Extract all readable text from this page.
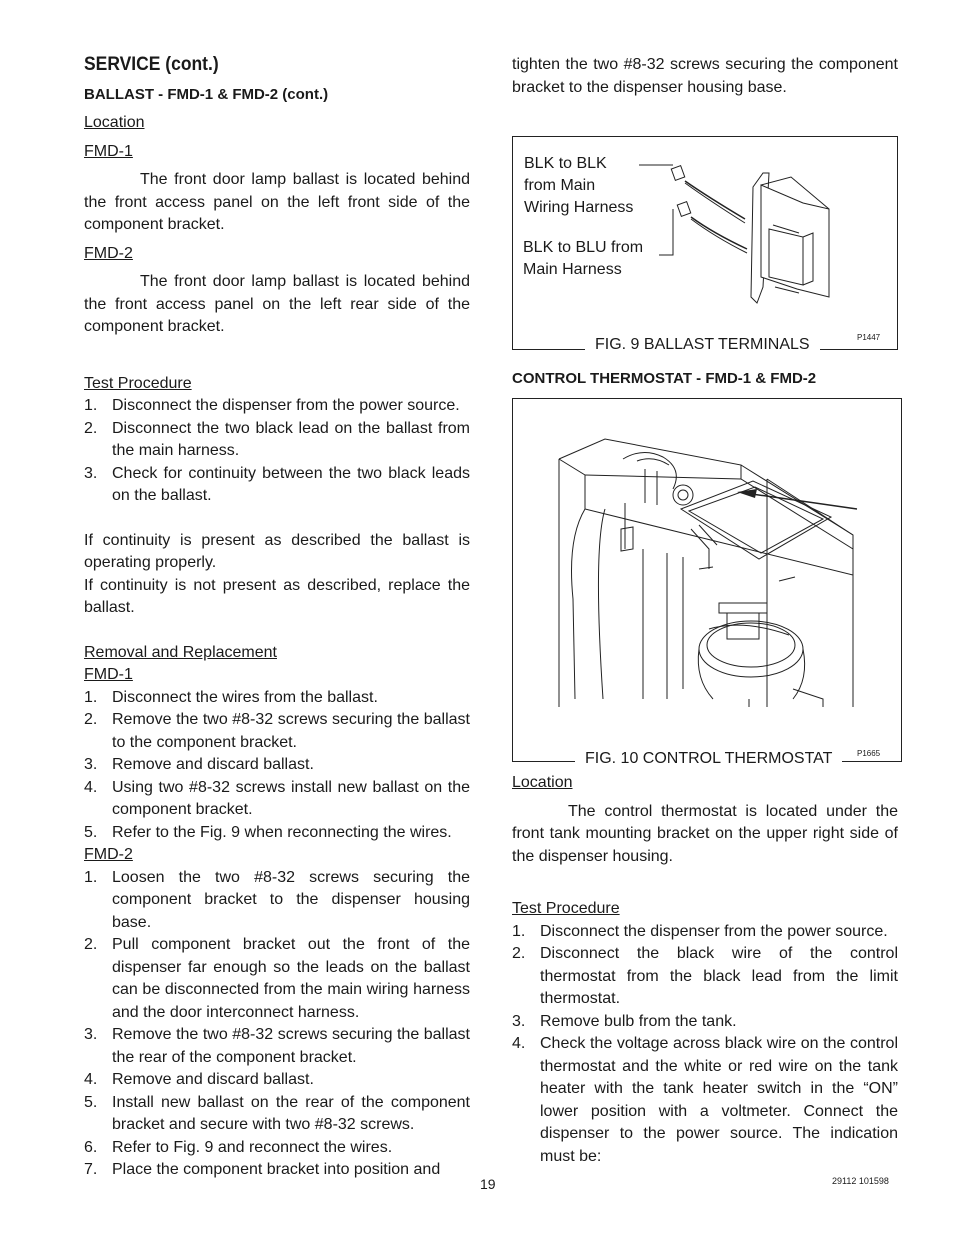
SERVICE (cont.)
BALLAST - FMD-1 & FMD-2 (cont.)

Location

FMD-1

The front door lamp ballast is located behind the front access panel on the left front side of the component bracket.

FMD-2

The front door lamp ballast is located behind the front access panel on the left rear side of the component bracket.

Test Procedure

1. Disconnect the dispenser from the power source.
2. Disconnect the two black lead on the ballast from the main harness.
3. Check for continuity between the two black leads on the ballast.

If continuity is present as described the ballast is operating properly.

If continuity is not present as described, replace the ballast.

Removal and Replacement

FMD-1

1. Disconnect the wires from the ballast.
2. Remove the two #8-32 screws securing the ballast to the component bracket.
3. Remove and discard ballast.
4. Using two #8-32 screws install new ballast on the component bracket.
5. Refer to the Fig. 9 when reconnecting the wires.

FMD-2

1. Loosen the two #8-32 screws securing the component bracket to the dispenser housing base.
2. Pull component bracket out the front of the dispenser far enough so the leads on the ballast can be disconnected from the main wiring harness and the door interconnect harness.
3. Remove the two #8-32 screws securing the ballast the rear of the component bracket.
4. Remove and discard ballast.
5. Install new ballast on the rear of the component bracket and secure with two #8-32 screws.
6. Refer to Fig. 9 and reconnect the wires.
7. Place the component bracket into position and

tighten the two #8-32 screws securing the component bracket to the dispenser housing base.

BLK to BLK
from Main
Wiring Harness
BLK to BLU from
Main Harness
FIG. 9 BALLAST TERMINALS	P1447
CONTROL THERMOSTAT - FMD-1 & FMD-2
FIG. 10 CONTROL THERMOSTAT	P1665

Location

The control thermostat is located under the front tank mounting bracket on the upper right side of the dispenser housing.

Test Procedure

1. Disconnect the dispenser from the power source.
2. Disconnect the black wire of the control thermostat from the black lead from the limit thermostat.
3. Remove bulb from the tank.
4. Check the voltage across black wire on the control thermostat and the white or red wire on the tank heater with the tank heater switch in the “ON” lower position with a voltmeter. Connect the dispenser to the power source. The indication must be:
19	29112 101598
